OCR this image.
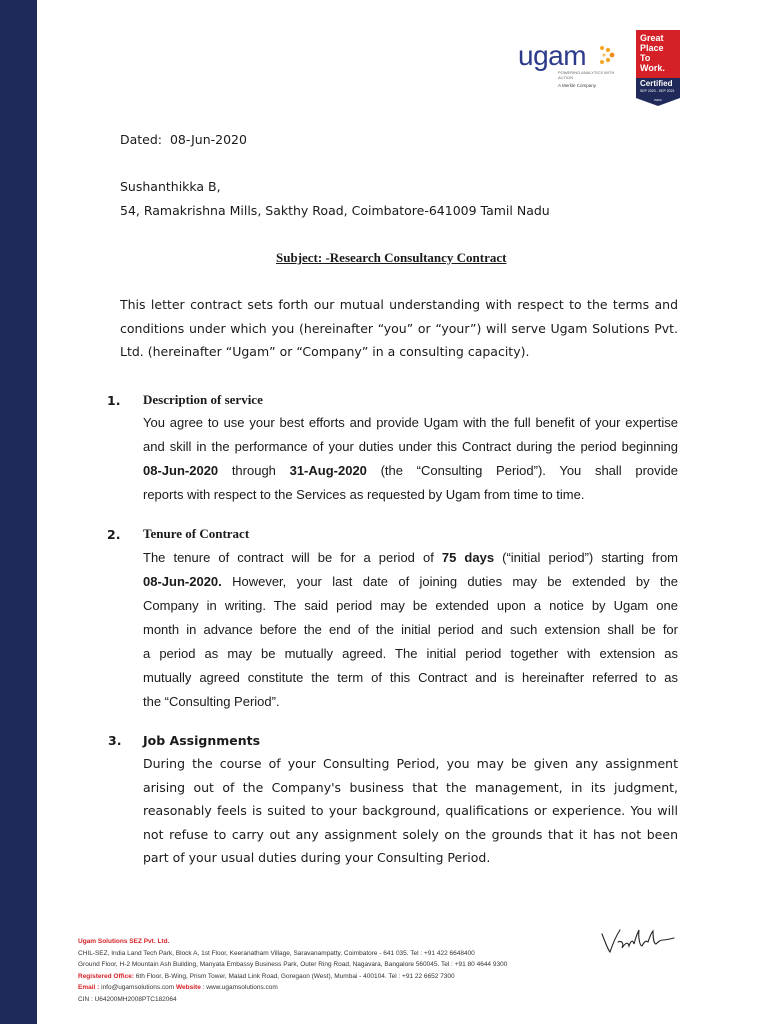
ugam
POWERING ANALYTICS WITH ACTION
A Merkle Company
Great
Place
To
Work.
Certified
SEP 2020 - SEP 2021
INDIA
Dated: 08-Jun-2020
Sushanthikka B,
54, Ramakrishna Mills, Sakthy Road, Coimbatore-641009 Tamil Nadu
Subject: -Research Consultancy Contract
This letter contract sets forth our mutual understanding with respect to the terms and
conditions under which you (hereinafter “you” or “your”) will serve Ugam Solutions Pvt.
Ltd. (hereinafter “Ugam” or “Company” in a consulting capacity).
1. Description of service
You agree to use your best efforts and provide Ugam with the full benefit of your expertise
and skill in the performance of your duties under this Contract during the period beginning
08-Jun-2020 through 31-Aug-2020 (the “Consulting Period”). You shall provide
reports with respect to the Services as requested by Ugam from time to time.
2. Tenure of Contract
The tenure of contract will be for a period of 75 days (“initial period”) starting from
08-Jun-2020. However, your last date of joining duties may be extended by the
Company in writing. The said period may be extended upon a notice by Ugam one
month in advance before the end of the initial period and such extension shall be for
a period as may be mutually agreed. The initial period together with extension as
mutually agreed constitute the term of this Contract and is hereinafter referred to as
the “Consulting Period”.
3. Job Assignments
During the course of your Consulting Period, you may be given any assignment
arising out of the Company's business that the management, in its judgment,
reasonably feels is suited to your background, qualifications or experience. You will
not refuse to carry out any assignment solely on the grounds that it has not been
part of your usual duties during your Consulting Period.
Ugam Solutions SEZ Pvt. Ltd.
CHIL-SEZ, India Land Tech Park, Block A, 1st Floor, Keeranatham Village, Saravanampatty, Coimbatore - 641 035. Tel : +91 422 6648400
Ground Floor, H-2 Mountain Ash Building, Manyata Embassy Business Park, Outer Ring Road, Nagavara, Bangalore 560045. Tel : +91 80 4644 9300
Registered Office: 6th Floor, B-Wing, Prism Tower, Malad Link Road, Goregaon (West), Mumbai - 400104. Tel : +91 22 6652 7300
Email : info@ugamsolutions.com Website : www.ugamsolutions.com
CIN : U64200MH2008PTC182064
